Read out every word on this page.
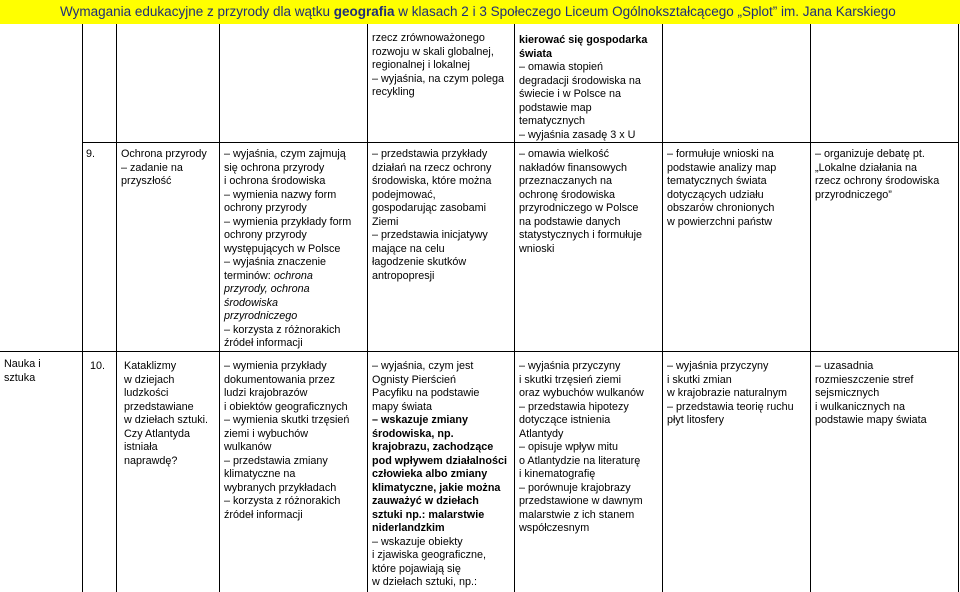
Wymagania edukacyjne z przyrody dla wątku geografia w klasach 2 i 3 Społeczego Liceum Ogólnokształcącego „Splot” im. Jana Karskiego

rzecz zrównoważonego

rozwoju w skali globalnej,

regionalnej i lokalnej

– wyjaśnia, na czym polega

recykling

kierować się gospodarka

świata

– omawia stopień

degradacji środowiska na

świecie i w Polsce na

podstawie map

tematycznych

– wyjaśnia zasadę 3 x U

9. Ochrona przyrody

– zadanie na

przyszłość

– wyjaśnia, czym zajmują

się ochrona przyrody

i ochrona środowiska

– wymienia nazwy form

ochrony przyrody

– wymienia przykłady form

ochrony przyrody

występujących w Polsce

– wyjaśnia znaczenie

terminów: ochrona

przyrody, ochrona

środowiska

przyrodniczego

– korzysta z różnorakich

źródeł informacji

– przedstawia przykłady

działań na rzecz ochrony

środowiska, które można

podejmować,

gospodarując zasobami

Ziemi

– przedstawia inicjatywy

mające na celu

łagodzenie skutków

antropopresji

– omawia wielkość

nakładów finansowych

przeznaczanych na

ochronę środowiska

przyrodniczego w Polsce

na podstawie danych

statystycznych i formułuje

wnioski

– formułuje wnioski na

podstawie analizy map

tematycznych świata

dotyczących udziału

obszarów chronionych

w powierzchni państw

– organizuje debatę pt.

„Lokalne działania na

rzecz ochrony środowiska

przyrodniczego”

Nauka i

sztuka

10. Kataklizmy

w dziejach

ludzkości

przedstawiane

w dziełach sztuki.

Czy Atlantyda

istniała

naprawdę?

– wymienia przykłady

dokumentowania przez

ludzi krajobrazów

i obiektów geograficznych

– wymienia skutki trzęsień

ziemi i wybuchów

wulkanów

– przedstawia zmiany

klimatyczne na

wybranych przykładach

– korzysta z różnorakich

źródeł informacji

– wyjaśnia, czym jest

Ognisty Pierścień

Pacyfiku na podstawie

mapy świata

– wskazuje zmiany

środowiska, np.

krajobrazu, zachodzące

pod wpływem działalności

człowieka albo zmiany

klimatyczne, jakie można

zauważyć w dziełach

sztuki np.: malarstwie

niderlandzkim

– wskazuje obiekty

i zjawiska geograficzne,

które pojawiają się

w dziełach sztuki, np.:

– wyjaśnia przyczyny

i skutki trzęsień ziemi

oraz wybuchów wulkanów

– przedstawia hipotezy

dotyczące istnienia

Atlantydy

– opisuje wpływ mitu

o Atlantydzie na literaturę

i kinematografię

– porównuje krajobrazy

przedstawione w dawnym

malarstwie z ich stanem

współczesnym

– wyjaśnia przyczyny

i skutki zmian

w krajobrazie naturalnym

– przedstawia teorię ruchu

płyt litosfery

– uzasadnia

rozmieszczenie stref

sejsmicznych

i wulkanicznych na

podstawie mapy świata
